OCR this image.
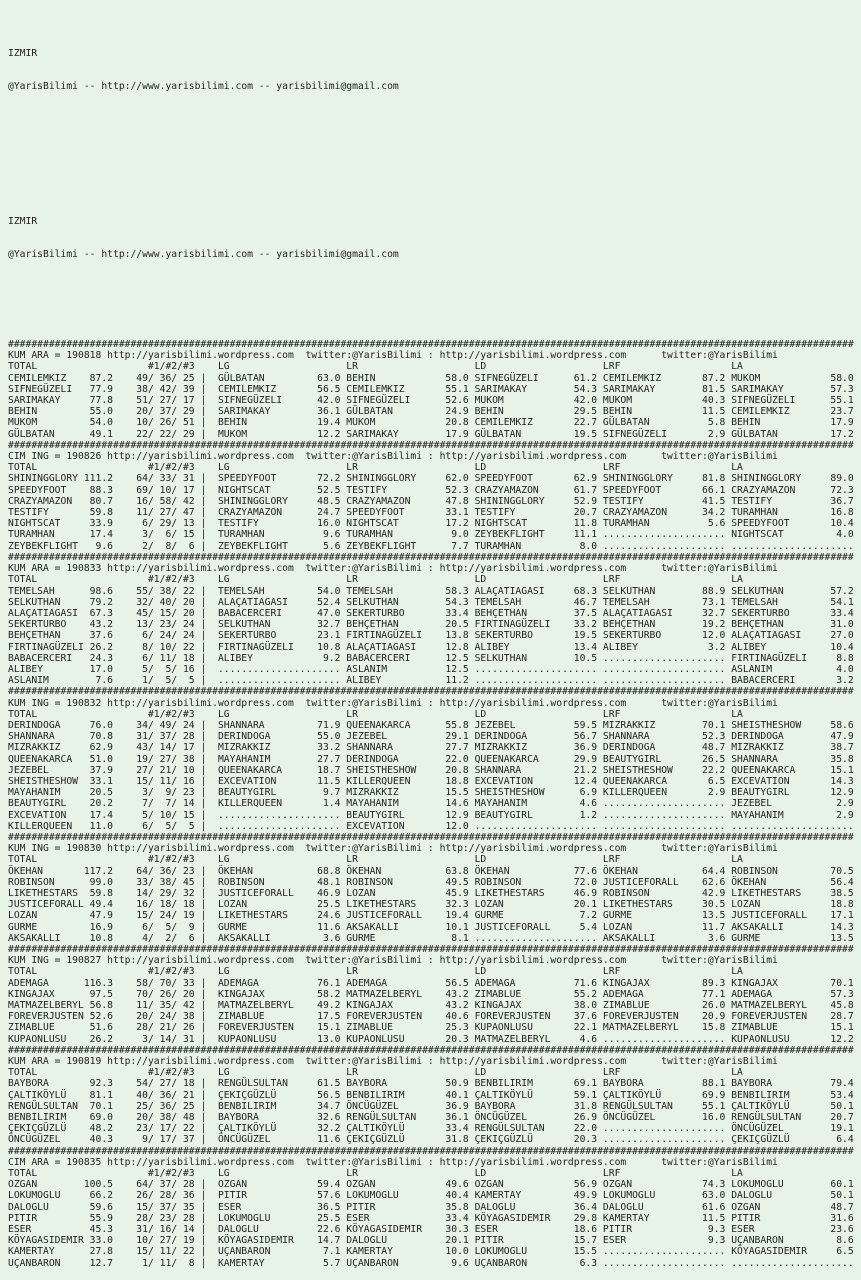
IZMIR

@YarisBilimi -- http://www.yarisbilimi.com -- yarisbilimi@gmail.com

IZMIR

@YarisBilimi -- http://www.yarisbilimi.com -- yarisbilimi@gmail.com

#################################################################################################################################################
KUM ARA = 190818 http://yarisbilimi.wordpress.com  twitter:@YarisBilimi : http://yarisbilimi.wordpress.com      twitter:@YarisBilimi
TOTAL                   #1/#2/#3    LG                    LR                    LD                    LRF                   LA
CEMILEMKIZ    87.2    49/ 36/ 25 |  GÜLBATAN         63.0 BEHIN            58.0 SIFNEGÜZELI      61.2 CEMILEMKIZ       87.2 MUKOM            58.0
SIFNEGÜZELI   77.9    38/ 42/ 39 |  CEMILEMKIZ       56.5 CEMILEMKIZ       55.1 SARIMAKAY        54.3 SARIMAKAY        81.5 SARIMAKAY        57.3
SARIMAKAY     77.8    51/ 27/ 17 |  SIFNEGÜZELI      42.0 SIFNEGÜZELI      52.6 MUKOM            42.0 MUKOM            40.3 SIFNEGÜZELI      55.1
BEHIN         55.0    20/ 37/ 29 |  SARIMAKAY        36.1 GÜLBATAN         24.9 BEHIN            29.5 BEHIN            11.5 CEMILEMKIZ       23.7
MUKOM         54.0    10/ 26/ 51 |  BEHIN            19.4 MUKOM            20.8 CEMILEMKIZ       22.7 GÜLBATAN          5.8 BEHIN            17.9
GÜLBATAN      49.1    22/ 22/ 29 |  MUKOM            12.2 SARIMAKAY        17.9 GÜLBATAN         19.5 SIFNEGÜZELI       2.9 GÜLBATAN         17.2
#################################################################################################################################################
CIM ING = 190826 http://yarisbilimi.wordpress.com  twitter:@YarisBilimi : http://yarisbilimi.wordpress.com      twitter:@YarisBilimi
TOTAL                   #1/#2/#3    LG                    LR                    LD                    LRF                   LA
SHININGGLORY 111.2    64/ 33/ 31 |  SPEEDYFOOT       72.2 SHININGGLORY     62.0 SPEEDYFOOT       62.9 SHININGGLORY     81.8 SHININGGLORY     89.0
SPEEDYFOOT    88.3    69/ 10/ 17 |  NIGHTSCAT        52.5 TESTIFY          52.3 CRAZYAMAZON      61.7 SPEEDYFOOT       66.1 CRAZYAMAZON      72.3
CRAZYAMAZON   80.7    16/ 58/ 42 |  SHININGGLORY     48.5 CRAZYAMAZON      47.8 SHININGGLORY     52.9 TESTIFY          41.5 TESTIFY          36.7
TESTIFY       59.8    11/ 27/ 47 |  CRAZYAMAZON      24.7 SPEEDYFOOT       33.1 TESTIFY          20.7 CRAZYAMAZON      34.2 TURAMHAN         16.8
NIGHTSCAT     33.9     6/ 29/ 13 |  TESTIFY          16.0 NIGHTSCAT        17.2 NIGHTSCAT        11.8 TURAMHAN          5.6 SPEEDYFOOT       10.4
TURAMHAN      17.4     3/  6/ 15 |  TURAMHAN          9.6 TURAMHAN          9.0 ZEYBEKFLIGHT     11.1 ..................... NIGHTSCAT         4.0
ZEYBEKFLIGHT   9.6     2/  8/  6 |  ZEYBEKFLIGHT      5.6 ZEYBEKFLIGHT      7.7 TURAMHAN          8.0 ..................... .....................
#################################################################################################################################################
KUM ARA = 190833 http://yarisbilimi.wordpress.com  twitter:@YarisBilimi : http://yarisbilimi.wordpress.com      twitter:@YarisBilimi
TOTAL                   #1/#2/#3    LG                    LR                    LD                    LRF                   LA
TEMELSAH      98.6    55/ 38/ 22 |  TEMELSAH         54.0 TEMELSAH         58.3 ALAÇATIAGASI     68.3 SELKUTHAN        88.9 SELKUTHAN        57.2
SELKUTHAN     79.2    32/ 40/ 20 |  ALAÇATIAGASI     52.4 SELKUTHAN        54.3 TEMELSAH         46.7 TEMELSAH         73.1 TEMELSAH         54.1
ALAÇATIAGASI  67.3    45/ 15/ 20 |  BABACERCERI      47.0 SEKERTURBO       33.4 BEHÇETHAN        37.5 ALAÇATIAGASI     32.7 SEKERTURBO       33.4
SEKERTURBO    43.2    13/ 23/ 24 |  SELKUTHAN        32.7 BEHÇETHAN        20.5 FIRTINAGÜZELI    33.2 BEHÇETHAN        19.2 BEHÇETHAN        31.0
BEHÇETHAN     37.6     6/ 24/ 24 |  SEKERTURBO       23.1 FIRTINAGÜZELI    13.8 SEKERTURBO       19.5 SEKERTURBO       12.0 ALAÇATIAGASI     27.0
FIRTINAGÜZELI 26.2     8/ 10/ 22 |  FIRTINAGÜZELI    10.8 ALAÇATIAGASI     12.8 ALIBEY           13.4 ALIBEY            3.2 ALIBEY           10.4
BABACERCERI   24.3     6/ 11/ 18 |  ALIBEY            9.2 BABACERCERI      12.5 SELKUTHAN        10.5 ..................... FIRTINAGÜZELI     8.8
ALIBEY        17.0     5/  5/ 16 |  ..................... ASLANIM          12.5 ..................... ..................... ASLANIM           4.0
ASLANIM        7.6     1/  5/  5 |  ..................... ALIBEY           11.2 ..................... ..................... BABACERCERI       3.2
#################################################################################################################################################
KUM ING = 190832 http://yarisbilimi.wordpress.com  twitter:@YarisBilimi : http://yarisbilimi.wordpress.com      twitter:@YarisBilimi
TOTAL                   #1/#2/#3    LG                    LR                    LD                    LRF                   LA
DERINDOGA     76.0    34/ 49/ 24 |  SHANNARA         71.9 QUEENAKARCA      55.8 JEZEBEL          59.5 MIZRAKKIZ        70.1 SHEISTHESHOW     58.6
SHANNARA      70.8    31/ 37/ 28 |  DERINDOGA        55.0 JEZEBEL          29.1 DERINDOGA        56.7 SHANNARA         52.3 DERINDOGA        47.9
MIZRAKKIZ     62.9    43/ 14/ 17 |  MIZRAKKIZ        33.2 SHANNARA         27.7 MIZRAKKIZ        36.9 DERINDOGA        48.7 MIZRAKKIZ        38.7
QUEENAKARCA   51.0    19/ 27/ 38 |  MAYAHANIM        27.7 DERINDOGA        22.0 QUEENAKARCA      29.9 BEAUTYGIRL       26.5 SHANNARA         35.8
JEZEBEL       37.9    27/ 21/ 10 |  QUEENAKARCA      18.7 SHEISTHESHOW     20.8 SHANNARA         21.2 SHEISTHESHOW     22.2 QUEENAKARCA      15.1
SHEISTHESHOW  33.1    15/ 11/ 16 |  EXCEVATION       11.5 KILLERQUEEN      18.8 EXCEVATION       12.4 QUEENAKARCA       6.5 EXCEVATION       14.3
MAYAHANIM     20.5     3/  9/ 23 |  BEAUTYGIRL        9.7 MIZRAKKIZ        15.5 SHEISTHESHOW      6.9 KILLERQUEEN       2.9 BEAUTYGIRL       12.9
BEAUTYGIRL    20.2     7/  7/ 14 |  KILLERQUEEN       1.4 MAYAHANIM        14.6 MAYAHANIM         4.6 ..................... JEZEBEL           2.9
EXCEVATION    17.4     5/ 10/ 15 |  ..................... BEAUTYGIRL       12.9 BEAUTYGIRL        1.2 ..................... MAYAHANIM         2.9
KILLERQUEEN   11.0     6/  5/  5 |  ..................... EXCEVATION       12.0 ..................... ..................... .....................
#################################################################################################################################################
KUM ING = 190830 http://yarisbilimi.wordpress.com  twitter:@YarisBilimi : http://yarisbilimi.wordpress.com      twitter:@YarisBilimi
TOTAL                   #1/#2/#3    LG                    LR                    LD                    LRF                   LA
ÖKEHAN       117.2    64/ 36/ 23 |  ÖKEHAN           68.8 ÖKEHAN           63.8 ÖKEHAN           77.6 ÖKEHAN           64.4 ROBINSON         70.5
ROBINSON      99.0    33/ 38/ 45 |  ROBINSON         48.1 ROBINSON         49.5 ROBINSON         72.0 JUSTICEFORALL    62.6 ÖKEHAN           56.4
LIKETHESTARS  59.8    14/ 29/ 32 |  JUSTICEFORALL    46.9 LOZAN            45.9 LIKETHESTARS     46.9 ROBINSON         42.9 LIKETHESTARS     38.5
JUSTICEFORALL 49.4    16/ 18/ 18 |  LOZAN            25.5 LIKETHESTARS     32.3 LOZAN            20.1 LIKETHESTARS     30.5 LOZAN            18.8
LOZAN         47.9    15/ 24/ 19 |  LIKETHESTARS     24.6 JUSTICEFORALL    19.4 GURME             7.2 GURME            13.5 JUSTICEFORALL    17.1
GURME         16.9     6/  5/  9 |  GURME            11.6 AKSAKALLI        10.1 JUSTICEFORALL     5.4 LOZAN            11.7 AKSAKALLI        14.3
AKSAKALLI     10.8     4/  2/  6 |  AKSAKALLI         3.6 GURME             8.1 ..................... AKSAKALLI         3.6 GURME            13.5
#################################################################################################################################################
KUM ING = 190827 http://yarisbilimi.wordpress.com  twitter:@YarisBilimi : http://yarisbilimi.wordpress.com      twitter:@YarisBilimi
TOTAL                   #1/#2/#3    LG                    LR                    LD                    LRF                   LA
ADEMAGA      116.3    58/ 70/ 33 |  ADEMAGA          76.1 ADEMAGA          56.5 ADEMAGA          71.6 KINGAJAX         89.3 KINGAJAX         70.1
KINGAJAX      97.5    70/ 26/ 20 |  KINGAJAX         58.2 MATMAZELBERYL    43.2 ZIMABLUE         55.2 ADEMAGA          77.1 ADEMAGA          57.3
MATMAZELBERYL 56.8    11/ 35/ 42 |  MATMAZELBERYL    49.2 KINGAJAX         43.2 KINGAJAX         38.0 ZIMABLUE         26.0 MATMAZELBERYL    45.8
FOREVERJUSTEN 52.6    20/ 24/ 38 |  ZIMABLUE         17.5 FOREVERJUSTEN    40.6 FOREVERJUSTEN    37.6 FOREVERJUSTEN    20.9 FOREVERJUSTEN    28.7
ZIMABLUE      51.6    28/ 21/ 26 |  FOREVERJUSTEN    15.1 ZIMABLUE         25.3 KUPAONLUSU       22.1 MATMAZELBERYL    15.8 ZIMABLUE         15.1
KUPAONLUSU    26.2     3/ 14/ 31 |  KUPAONLUSU       13.0 KUPAONLUSU       20.3 MATMAZELBERYL     4.6 ..................... KUPAONLUSU       12.2
#################################################################################################################################################
KUM ARA = 190819 http://yarisbilimi.wordpress.com  twitter:@YarisBilimi : http://yarisbilimi.wordpress.com      twitter:@YarisBilimi
TOTAL                   #1/#2/#3    LG                    LR                    LD                    LRF                   LA
BAYBORA       92.3    54/ 27/ 18 |  RENGÜLSULTAN     61.5 BAYBORA          50.9 BENBILIRIM       69.1 BAYBORA          88.1 BAYBORA          79.4
ÇALTIKÖYLÜ    81.1    40/ 36/ 21 |  ÇEKIÇGÜZLÜ       56.5 BENBILIRIM       40.1 ÇALTIKÖYLÜ       59.1 ÇALTIKÖYLÜ       69.9 BENBILIRIM       53.4
RENGÜLSULTAN  70.1    25/ 36/ 25 |  BENBILIRIM       34.7 ÖNCÜGÜZEL        36.9 BAYBORA          31.8 RENGÜLSULTAN     55.1 ÇALTIKÖYLÜ       50.1
BENBILIRIM    69.0    20/ 38/ 48 |  BAYBORA          32.6 RENGÜLSULTAN     36.1 ÖNCÜGÜZEL        26.9 ÖNCÜGÜZEL        16.0 RENGÜLSULTAN     20.7
ÇEKIÇGÜZLÜ    48.2    23/ 17/ 22 |  ÇALTIKÖYLÜ       32.2 ÇALTIKÖYLÜ       33.4 RENGÜLSULTAN     22.0 ..................... ÖNCÜGÜZEL        19.1
ÖNCÜGÜZEL     40.3     9/ 17/ 37 |  ÖNCÜGÜZEL        11.6 ÇEKIÇGÜZLÜ       31.8 ÇEKIÇGÜZLÜ       20.3 ..................... ÇEKIÇGÜZLÜ        6.4
#################################################################################################################################################
CIM ARA = 190835 http://yarisbilimi.wordpress.com  twitter:@YarisBilimi : http://yarisbilimi.wordpress.com      twitter:@YarisBilimi
TOTAL                   #1/#2/#3    LG                    LR                    LD                    LRF                   LA
OZGAN        100.5    64/ 37/ 28 |  OZGAN            59.4 OZGAN            49.6 OZGAN            56.9 OZGAN            74.3 LOKUMOGLU        60.1
LOKUMOGLU     66.2    26/ 28/ 36 |  PITIR            57.6 LOKUMOGLU        40.4 KAMERTAY         49.9 LOKUMOGLU        63.0 DALOGLU          50.1
DALOGLU       59.6    15/ 37/ 35 |  ESER             36.5 PITIR            35.8 DALOGLU          36.4 DALOGLU          61.6 OZGAN            48.7
PITIR         55.9    28/ 23/ 28 |  LOKUMOGLU        25.5 ESER             33.4 KÖYAGASIDEMIR    29.8 KAMERTAY         11.5 PITIR            31.6
ESER          45.3    31/ 16/ 14 |  DALOGLU          22.6 KÖYAGASIDEMIR    30.3 ESER             18.6 PITIR             9.3 ESER             23.6
KÖYAGASIDEMIR 33.0    10/ 27/ 19 |  KÖYAGASIDEMIR    14.7 DALOGLU          20.1 PITIR            15.7 ESER              9.3 UÇANBARON         8.6
KAMERTAY      27.8    15/ 11/ 22 |  UÇANBARON         7.1 KAMERTAY         10.0 LOKUMOGLU        15.5 ..................... KÖYAGASIDEMIR     6.5
UÇANBARON     12.7     1/ 11/  8 |  KAMERTAY          5.7 UÇANBARON         9.6 UÇANBARON         6.3 ..................... .....................
